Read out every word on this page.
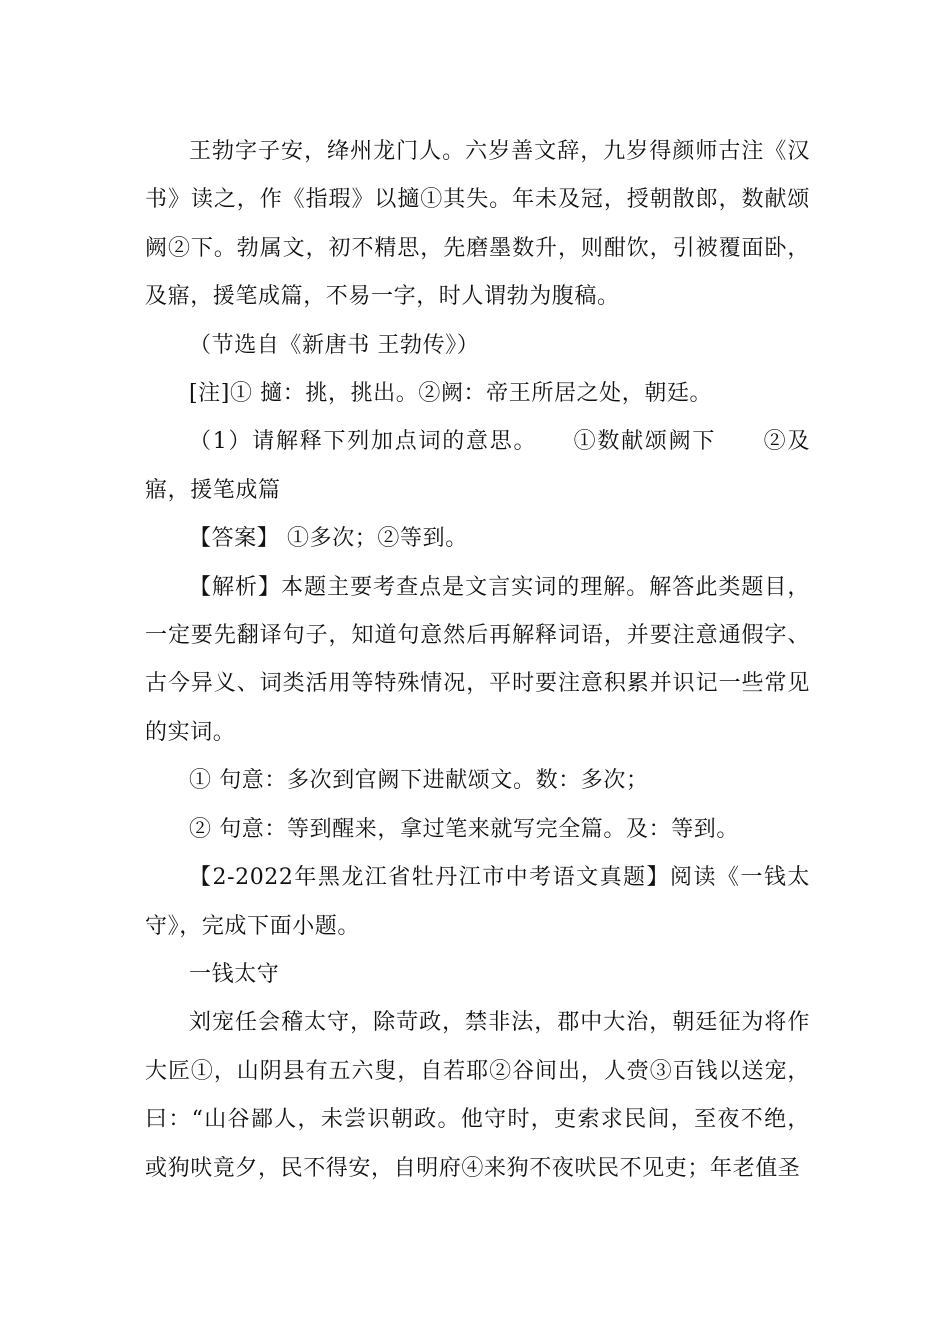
王勃字子安，绛州龙门人。六岁善文辞，九岁得颜师古注《汉书》读之，作《指瑕》以擿①其失。年未及冠，授朝散郎，数献颂阙②下。勃属文，初不精思，先磨墨数升，则酣饮，引被覆面卧，及寤，援笔成篇，不易一字，时人谓勃为腹稿。

（节选自《新唐书 王勃传》）

[注]① 擿：挑，挑出。②阙：帝王所居之处，朝廷。

（1）请解释下列加点词的意思。　　①数献颂阙下　　②及寤，援笔成篇

【答案】 ①多次；②等到。

【解析】本题主要考查点是文言实词的理解。解答此类题目，一定要先翻译句子，知道句意然后再解释词语，并要注意通假字、古今异义、词类活用等特殊情况，平时要注意积累并识记一些常见的实词。

① 句意：多次到官阙下进献颂文。数：多次；

② 句意：等到醒来，拿过笔来就写完全篇。及：等到。

【2-2022年黑龙江省牡丹江市中考语文真题】阅读《一钱太守》，完成下面小题。

一钱太守

刘宠任会稽太守，除苛政，禁非法，郡中大治，朝廷征为将作大匠①，山阴县有五六叟，自若耶②谷间出，人赍③百钱以送宠，曰：“山谷鄙人，未尝识朝政。他守时，吏索求民间，至夜不绝，或狗吠竟夕，民不得安，自明府④来狗不夜吠民不见吏；年老值圣
